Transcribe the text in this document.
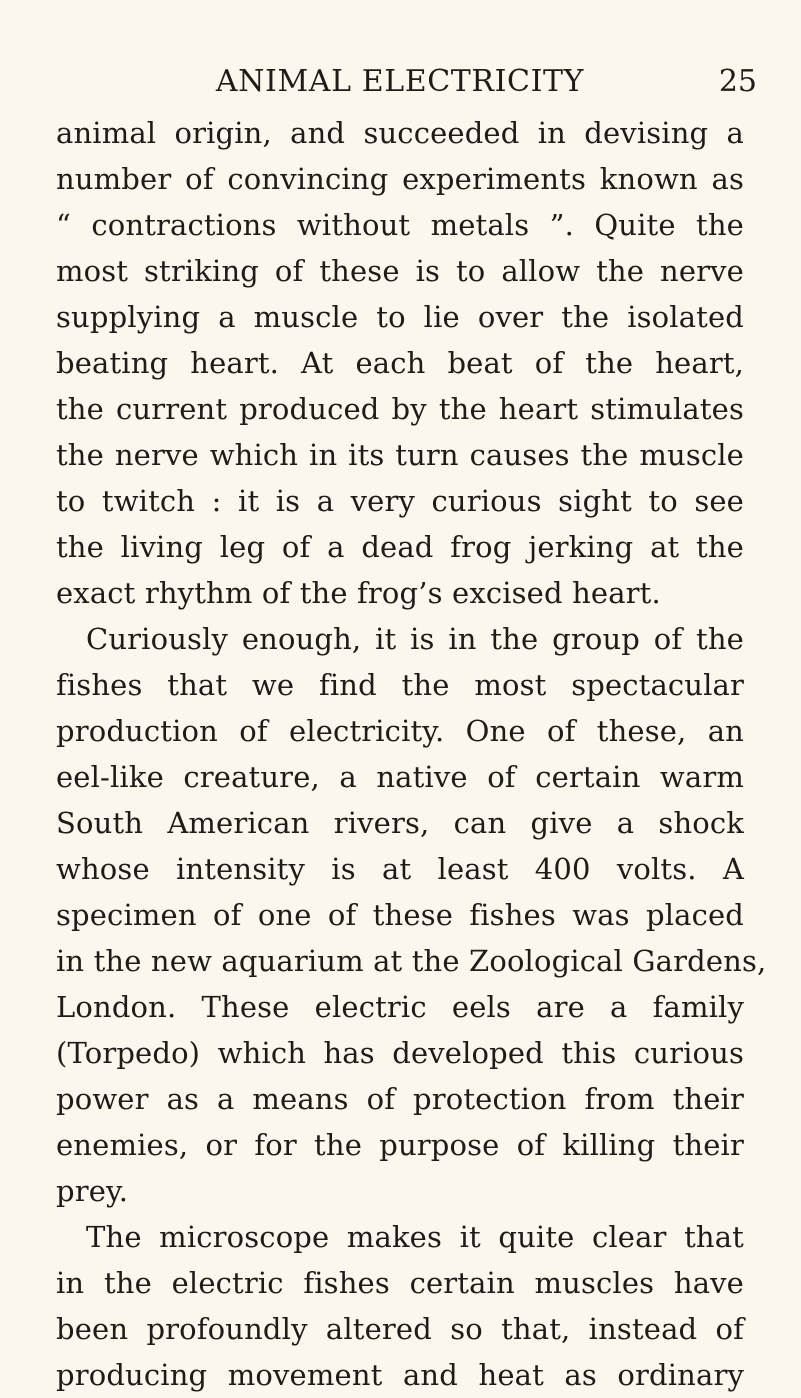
ANIMAL ELECTRICITY	25
animal origin, and succeeded in devising a
number of convincing experiments known as
“ contractions without metals ”. Quite the
most striking of these is to allow the nerve
supplying a muscle to lie over the isolated
beating heart. At each beat of the heart,
the current produced by the heart stimulates
the nerve which in its turn causes the muscle
to twitch : it is a very curious sight to see
the living leg of a dead frog jerking at the
exact rhythm of the frog’s excised heart.
Curiously enough, it is in the group of the
fishes that we find the most spectacular
production of electricity. One of these, an
eel-like creature, a native of certain warm
South American rivers, can give a shock
whose intensity is at least 400 volts. A
specimen of one of these fishes was placed
in the new aquarium at the Zoological Gardens,
London. These electric eels are a family
(Torpedo) which has developed this curious
power as a means of protection from their
enemies, or for the purpose of killing their
prey.
The microscope makes it quite clear that
in the electric fishes certain muscles have
been profoundly altered so that, instead of
producing movement and heat as ordinary
